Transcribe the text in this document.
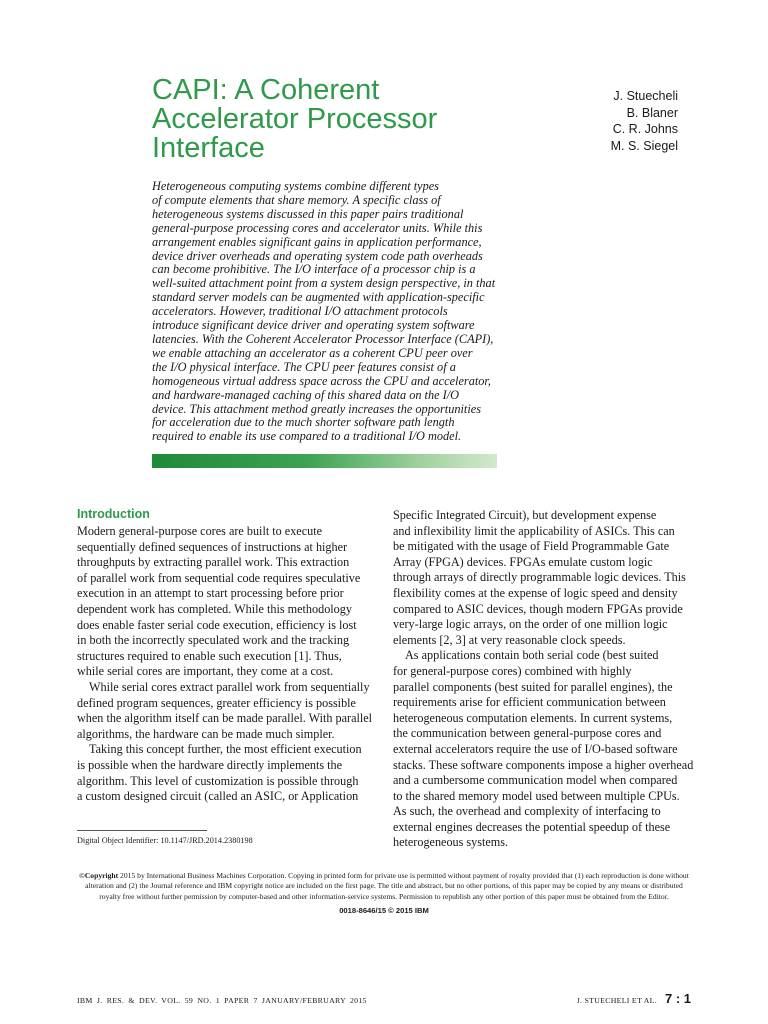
CAPI: A Coherent
Accelerator Processor
Interface
J. Stuecheli
B. Blaner
C. R. Johns
M. S. Siegel
Heterogeneous computing systems combine different types
of compute elements that share memory. A specific class of
heterogeneous systems discussed in this paper pairs traditional
general-purpose processing cores and accelerator units. While this
arrangement enables significant gains in application performance,
device driver overheads and operating system code path overheads
can become prohibitive. The I/O interface of a processor chip is a
well-suited attachment point from a system design perspective, in that
standard server models can be augmented with application-specific
accelerators. However, traditional I/O attachment protocols
introduce significant device driver and operating system software
latencies. With the Coherent Accelerator Processor Interface (CAPI),
we enable attaching an accelerator as a coherent CPU peer over
the I/O physical interface. The CPU peer features consist of a
homogeneous virtual address space across the CPU and accelerator,
and hardware-managed caching of this shared data on the I/O
device. This attachment method greatly increases the opportunities
for acceleration due to the much shorter software path length
required to enable its use compared to a traditional I/O model.
Introduction
Modern general-purpose cores are built to execute
sequentially defined sequences of instructions at higher
throughputs by extracting parallel work. This extraction
of parallel work from sequential code requires speculative
execution in an attempt to start processing before prior
dependent work has completed. While this methodology
does enable faster serial code execution, efficiency is lost
in both the incorrectly speculated work and the tracking
structures required to enable such execution [1]. Thus,
while serial cores are important, they come at a cost.
While serial cores extract parallel work from sequentially
defined program sequences, greater efficiency is possible
when the algorithm itself can be made parallel. With parallel
algorithms, the hardware can be made much simpler.
Taking this concept further, the most efficient execution
is possible when the hardware directly implements the
algorithm. This level of customization is possible through
a custom designed circuit (called an ASIC, or Application
Specific Integrated Circuit), but development expense
and inflexibility limit the applicability of ASICs. This can
be mitigated with the usage of Field Programmable Gate
Array (FPGA) devices. FPGAs emulate custom logic
through arrays of directly programmable logic devices. This
flexibility comes at the expense of logic speed and density
compared to ASIC devices, though modern FPGAs provide
very-large logic arrays, on the order of one million logic
elements [2, 3] at very reasonable clock speeds.
As applications contain both serial code (best suited
for general-purpose cores) combined with highly
parallel components (best suited for parallel engines), the
requirements arise for efficient communication between
heterogeneous computation elements. In current systems,
the communication between general-purpose cores and
external accelerators require the use of I/O-based software
stacks. These software components impose a higher overhead
and a cumbersome communication model when compared
to the shared memory model used between multiple CPUs.
As such, the overhead and complexity of interfacing to
external engines decreases the potential speedup of these
heterogeneous systems.
Digital Object Identifier: 10.1147/JRD.2014.2380198
©Copyright 2015 by International Business Machines Corporation. Copying in printed form for private use is permitted without payment of royalty provided that (1) each reproduction is done without
alteration and (2) the Journal reference and IBM copyright notice are included on the first page. The title and abstract, but no other portions, of this paper may be copied by any means or distributed
royalty free without further permission by computer-based and other information-service systems. Permission to republish any other portion of this paper must be obtained from the Editor.
0018-8646/15 © 2015 IBM
IBM J. RES. & DEV. VOL. 59 NO. 1 PAPER 7 JANUARY/FEBRUARY 2015	J. STUECHELI ET AL. 7 : 1
